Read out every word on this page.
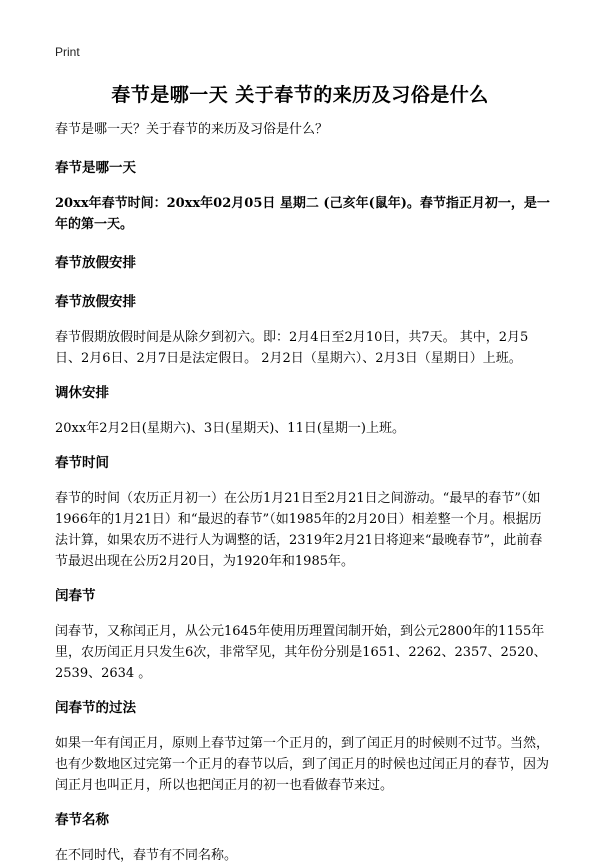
Print
春节是哪一天 关于春节的来历及习俗是什么

春节是哪一天？关于春节的来历及习俗是什么？

春节是哪一天

20xx年春节时间：20xx年02月05日 星期二 (己亥年(鼠年)。春节指正月初一，是一年的第一天。

春节放假安排

春节放假安排

春节假期放假时间是从除夕到初六。即：2月4日至2月10日，共7天。 其中，2月5日、2月6日、2月7日是法定假日。 2月2日（星期六）、2月3日（星期日）上班。

调休安排

20xx年2月2日(星期六)、3日(星期天)、11日(星期一)上班。

春节时间

春节的时间（农历正月初一）在公历1月21日至2月21日之间游动。“最早的春节”（如1966年的1月21日）和“最迟的春节”（如1985年的2月20日）相差整一个月。根据历法计算，如果农历不进行人为调整的话，2319年2月21日将迎来“最晚春节”，此前春节最迟出现在公历2月20日，为1920年和1985年。

闰春节

闰春节，又称闰正月，从公元1645年使用历理置闰制开始，到公元2800年的1155年里，农历闰正月只发生6次，非常罕见，其年份分别是1651、2262、2357、2520、2539、2634 。

闰春节的过法

如果一年有闰正月，原则上春节过第一个正月的，到了闰正月的时候则不过节。当然，也有少数地区过完第一个正月的春节以后，到了闰正月的时候也过闰正月的春节，因为闰正月也叫正月，所以也把闰正月的初一也看做春节来过。

春节名称

在不同时代，春节有不同名称。
